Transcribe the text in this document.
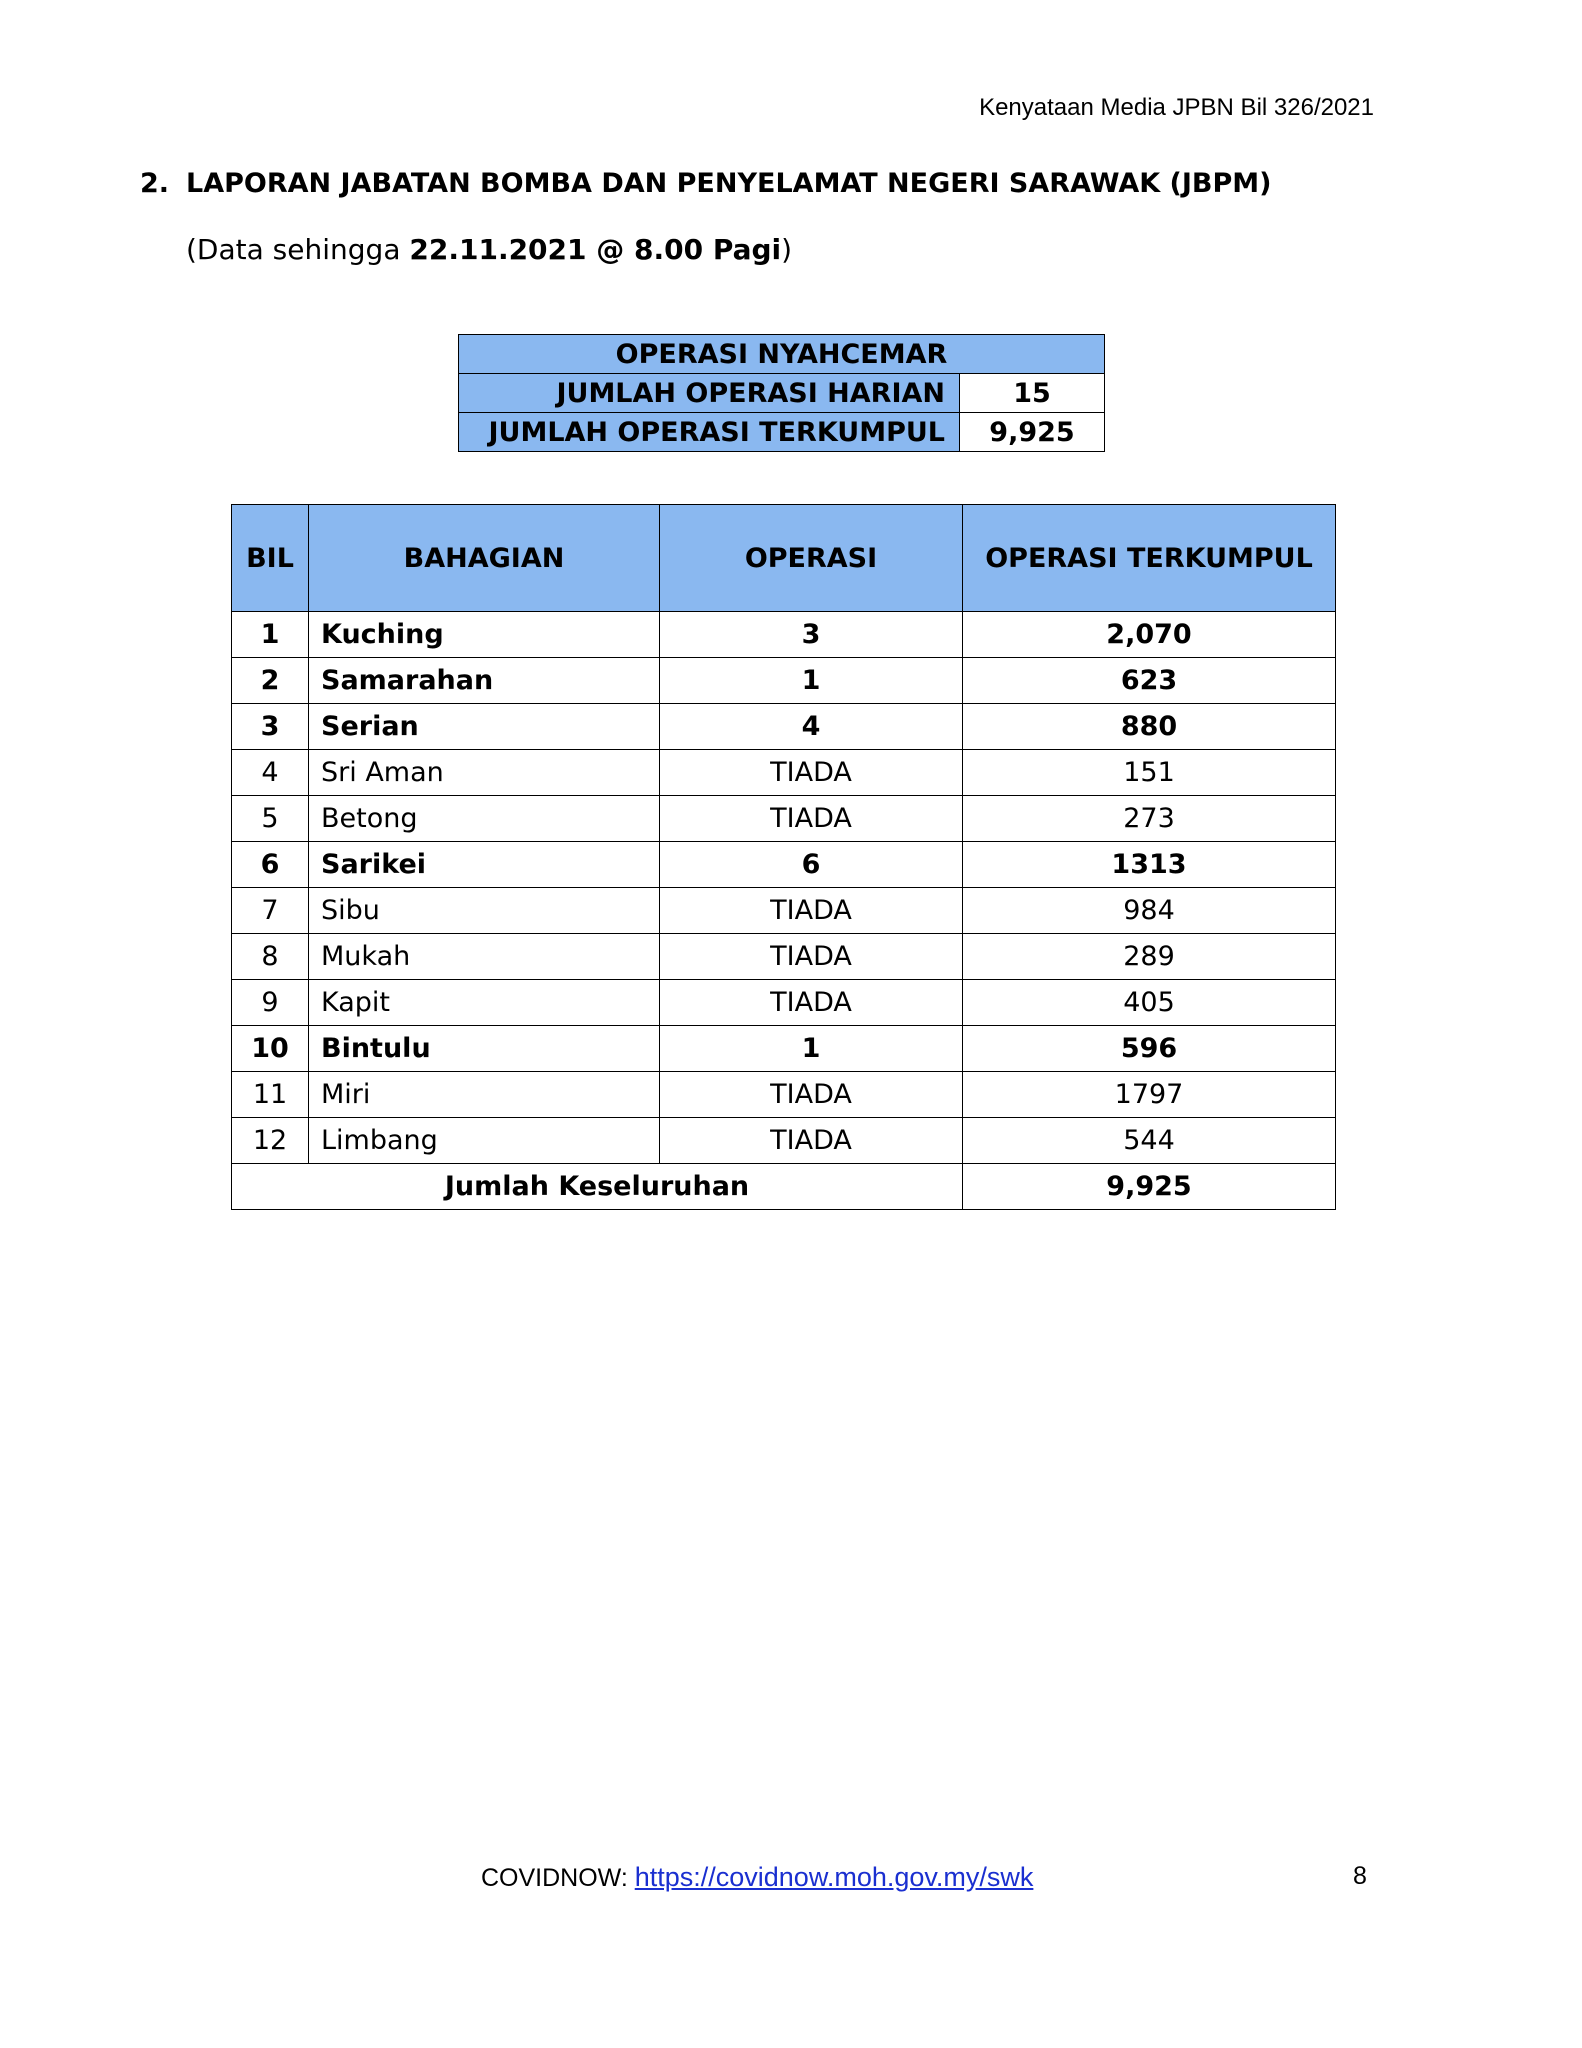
Kenyataan Media JPBN Bil 326/2021
2. LAPORAN JABATAN BOMBA DAN PENYELAMAT NEGERI SARAWAK (JBPM)
(Data sehingga 22.11.2021 @ 8.00 Pagi)
OPERASI NYAHCEMAR	
JUMLAH OPERASI HARIAN	15
JUMLAH OPERASI TERKUMPUL	9,925
BIL	BAHAGIAN	OPERASI	OPERASI TERKUMPUL
1	Kuching	3	2,070
2	Samarahan	1	623
3	Serian	4	880
4	Sri Aman	TIADA	151
5	Betong	TIADA	273
6	Sarikei	6	1313
7	Sibu	TIADA	984
8	Mukah	TIADA	289
9	Kapit	TIADA	405
10	Bintulu	1	596
11	Miri	TIADA	1797
12	Limbang	TIADA	544
Jumlah Keseluruhan			9,925
COVIDNOW: https://covidnow.moh.gov.my/swk	8
